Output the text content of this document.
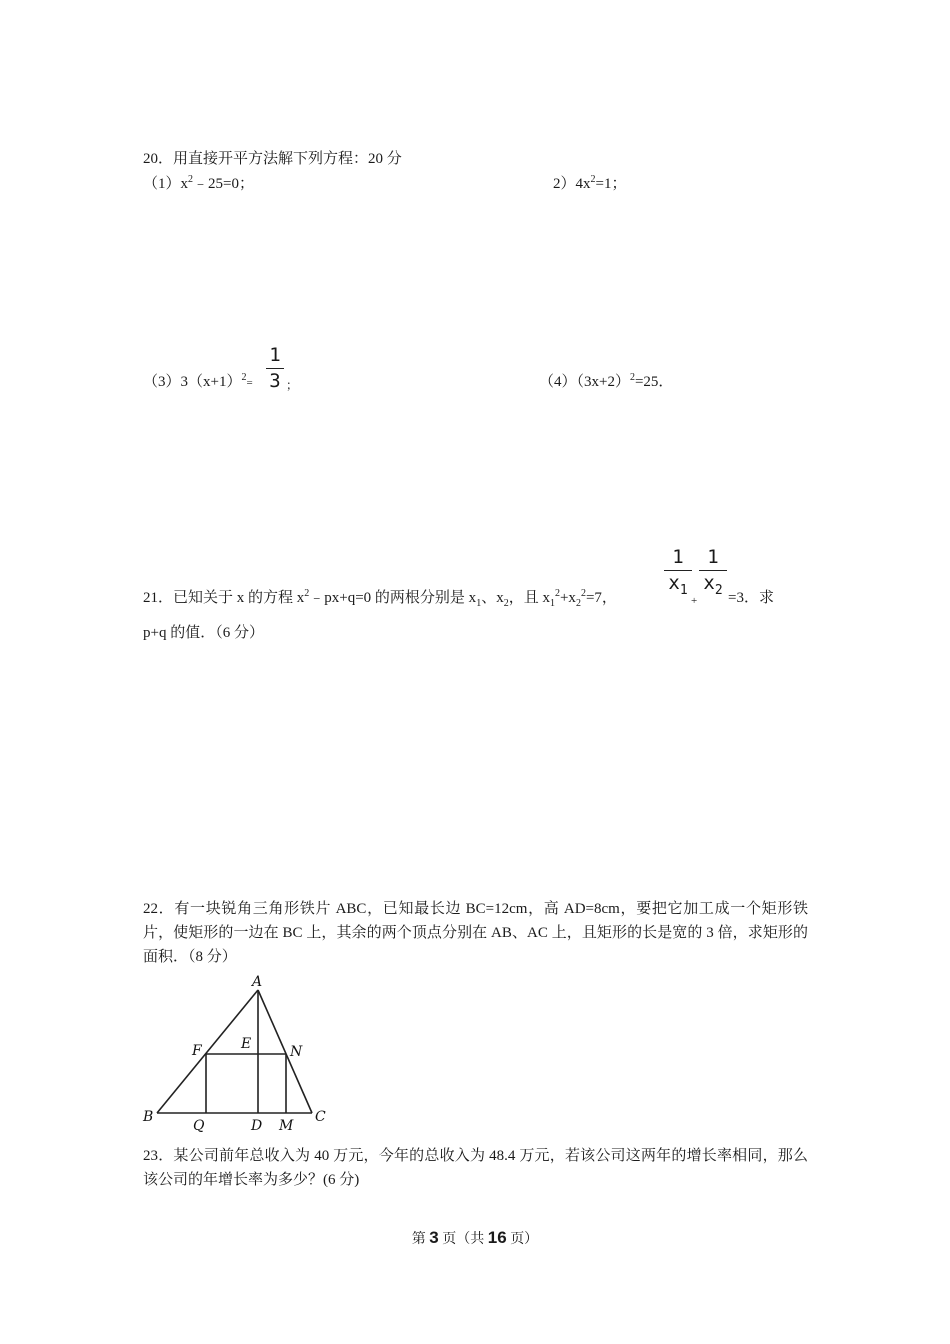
20．用直接开平方法解下列方程：20 分
$(1)x^2﹣25=0$；	$2)4x^2=1$；
$(3)3(x+1)^2=$
1
3 ；	$(4)(3x+2)^2=25$．
21．已知关于 x 的方程 $x^2﹣px+q=0$ 的两根分别是 $x_1$、$x_2$，且 $x_1^2+x_2^2=7$，
1
$x_1$
+
1
$x_2 =3$．求
p+q 的值．（6 分）
22．有一块锐角三角形铁片 ABC，已知最长边 BC=12cm，高 AD=8cm，要把它加工成一个矩形铁片，使矩形的一边在 BC 上，其余的两个顶点分别在 AB、AC 上，且矩形的长是宽的 3 倍，求矩形的面积．（8 分）
A
B	C
D
E
F	N
Q	M
23．某公司前年总收入为 40 万元，今年的总收入为 48.4 万元，若该公司这两年的增长率相同，那么该公司的年增长率为多少？(6 分)
第 3 页（共 16 页）
